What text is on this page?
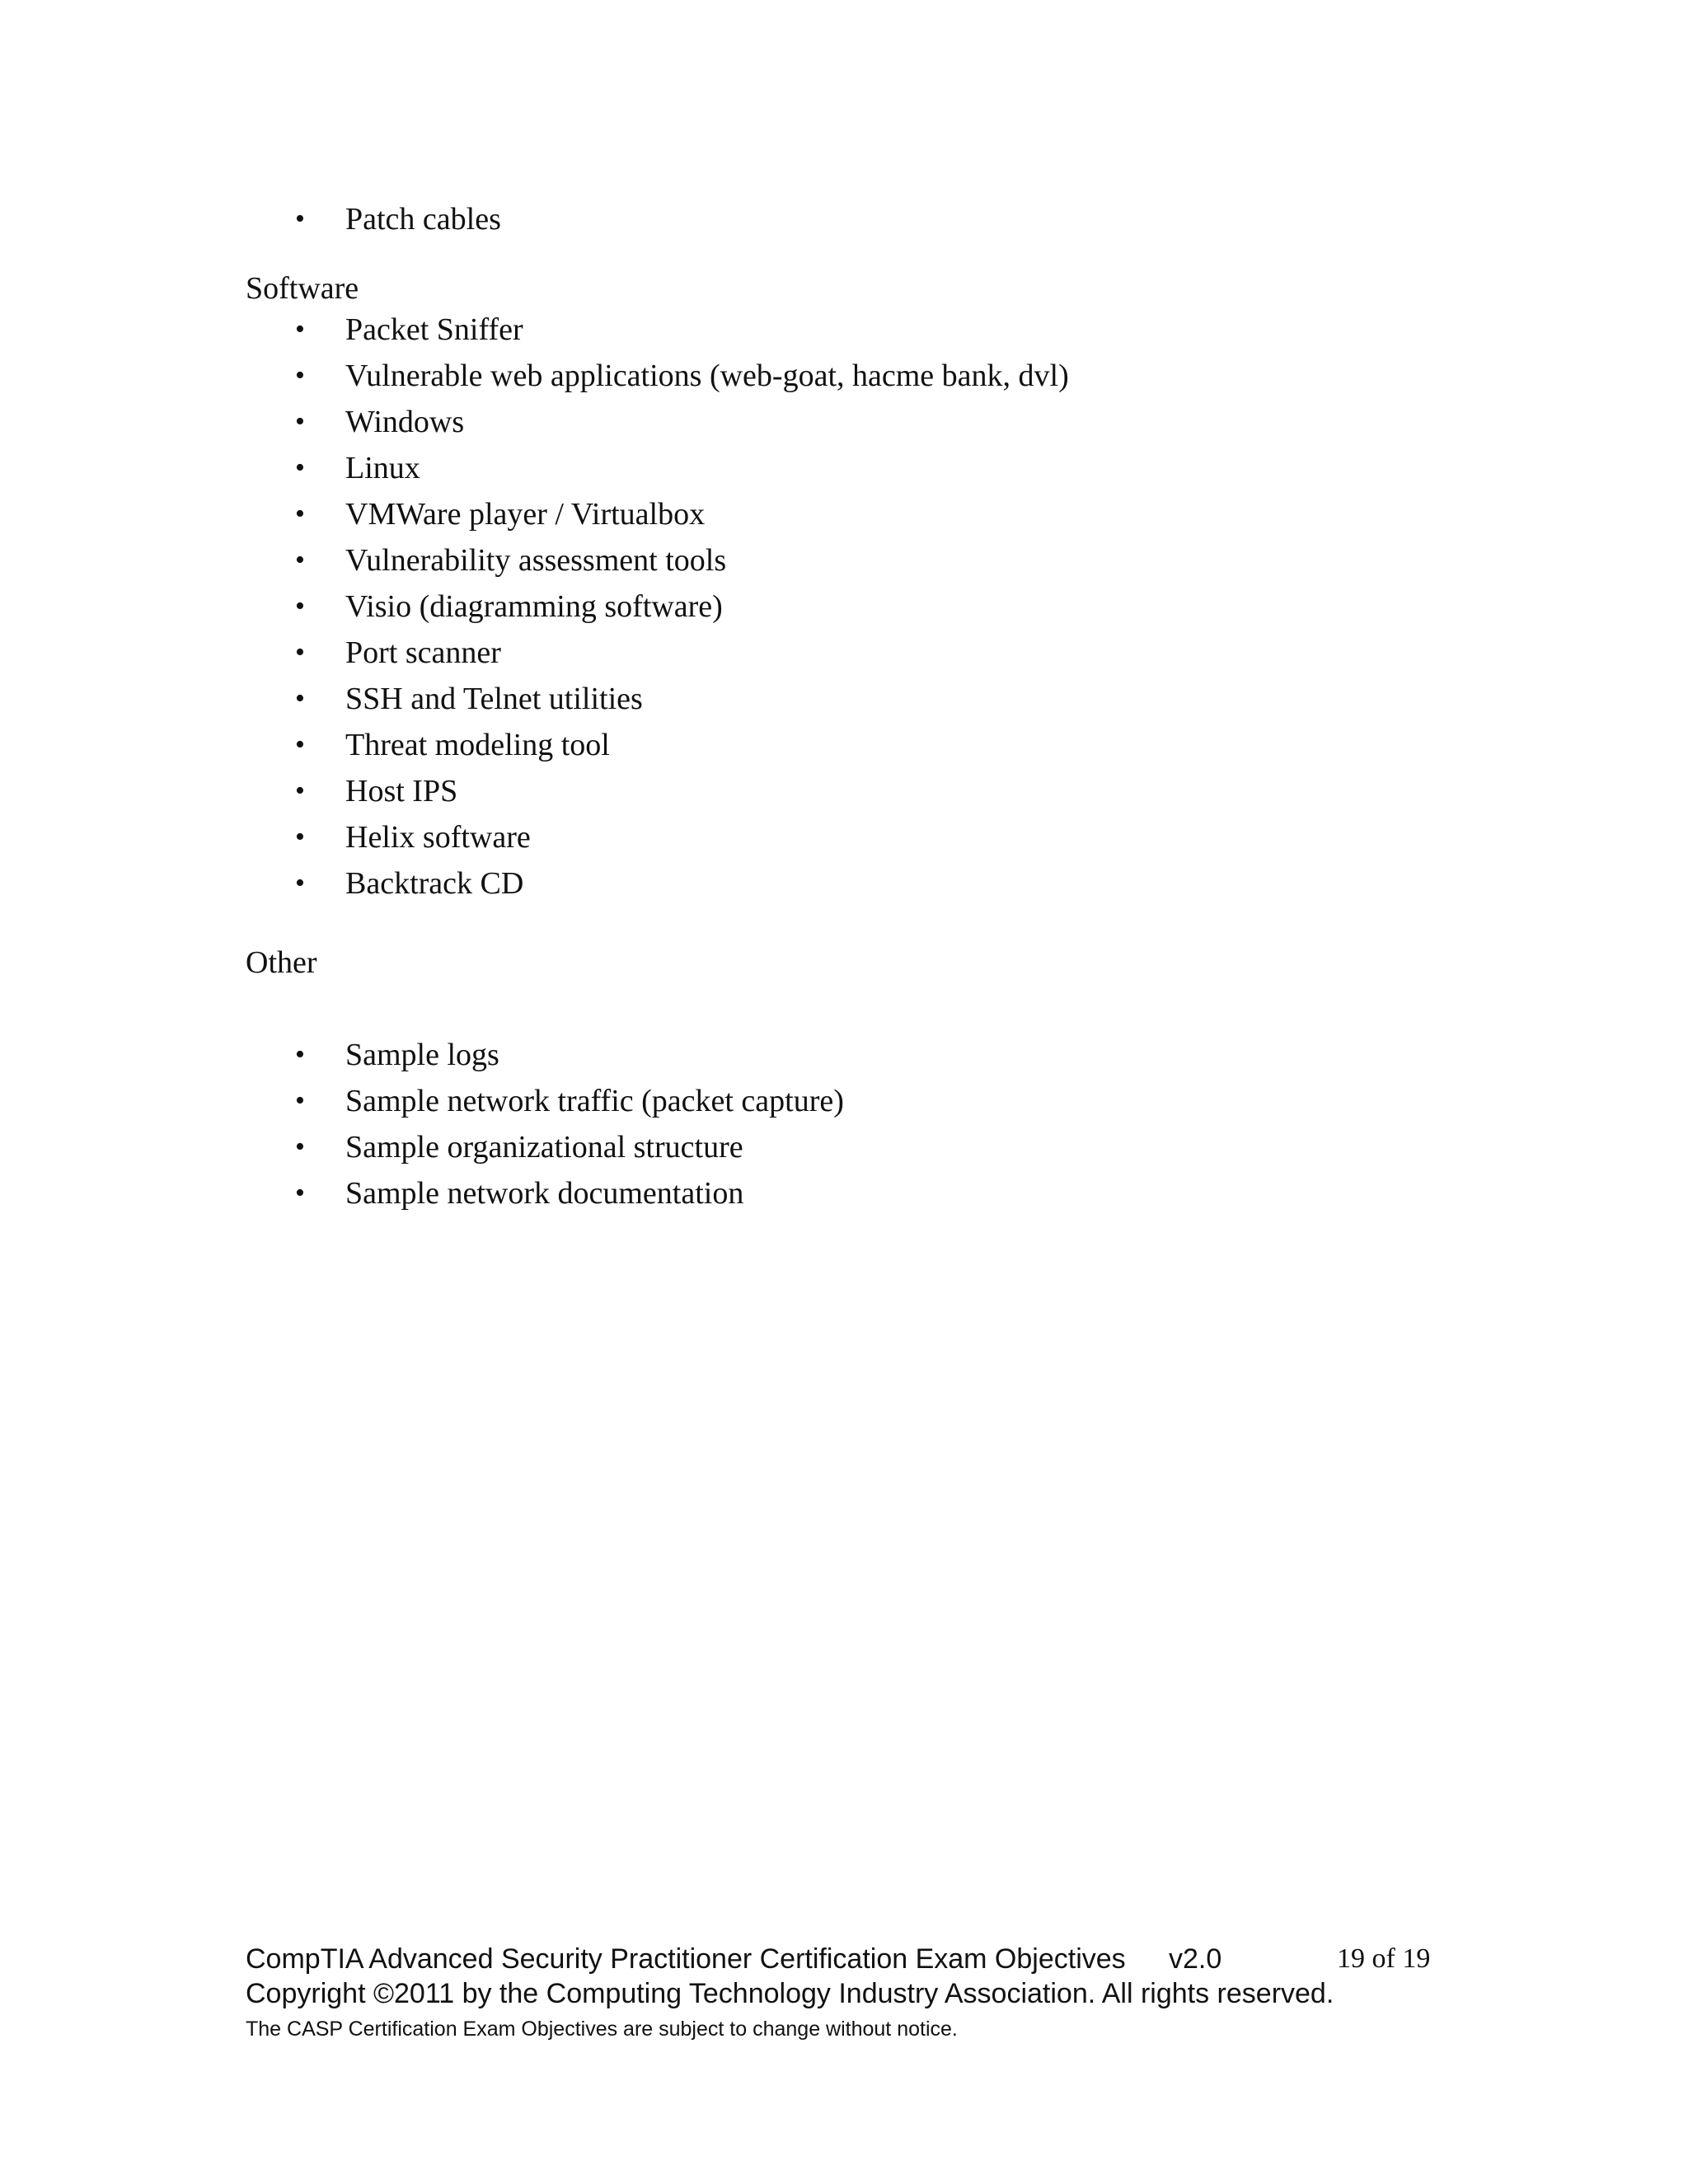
• Patch cables
Software
• Packet Sniffer
• Vulnerable web applications (web-goat, hacme bank, dvl)
• Windows
• Linux
• VMWare player / Virtualbox
• Vulnerability assessment tools
• Visio (diagramming software)
• Port scanner
• SSH and Telnet utilities
• Threat modeling tool
• Host IPS
• Helix software
• Backtrack CD
Other
• Sample logs
• Sample network traffic (packet capture)
• Sample organizational structure
• Sample network documentation
CompTIA Advanced Security Practitioner Certification Exam Objectives v2.0	19 of 19
Copyright ©2011 by the Computing Technology Industry Association. All rights reserved.
The CASP Certification Exam Objectives are subject to change without notice.
